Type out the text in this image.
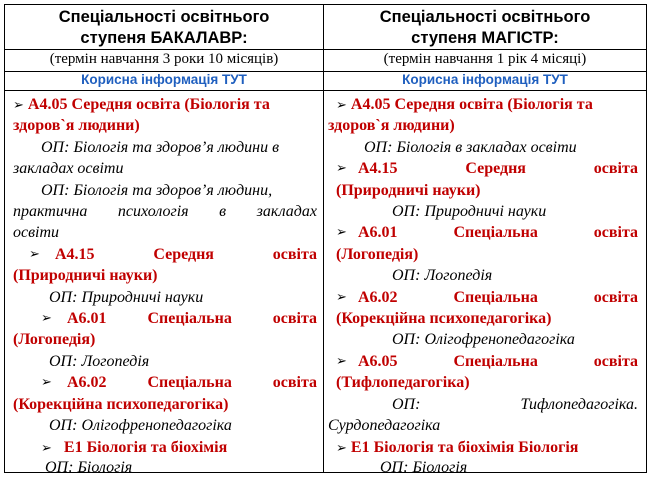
Спеціальності освітнього
ступеня БАКАЛАВР:
(термін навчання 3 роки 10 місяців)
Корисна інформація ТУТ
➢ А4.05 Середня освіта (Біологія та
здоров`я людини)
ОП: Біологія та здоров’я людини в
закладах освіти
ОП: Біологія та здоров’я людини,
практична психологія в закладах
освіти
➢ А4.15 Середня освіта
(Природничі науки)
ОП: Природничі науки
➢ А6.01 Спеціальна освіта
(Логопедія)
ОП: Логопедія
➢ А6.02 Спеціальна освіта
(Корекційна психопедагогіка)
ОП: Олігофренопедагогіка
➢ Е1 Біологія та біохімія
ОП: Біологія
Спеціальності освітнього
ступеня МАГІСТР:
(термін навчання 1 рік 4 місяці)
Корисна інформація ТУТ
➢ А4.05 Середня освіта (Біологія та
здоров`я людини)
ОП: Біологія в закладах освіти
➢ А4.15 Середня освіта
(Природничі науки)
ОП: Природничі науки
➢ А6.01 Спеціальна освіта
(Логопедія)
ОП: Логопедія
➢ А6.02 Спеціальна освіта
(Корекційна психопедагогіка)
ОП: Олігофренопедагогіка
➢ А6.05 Спеціальна освіта
(Тифлопедагогіка)
ОП: Тифлопедагогіка.
Сурдопедагогіка
➢ Е1 Біологія та біохімія Біологія
ОП: Біологія
